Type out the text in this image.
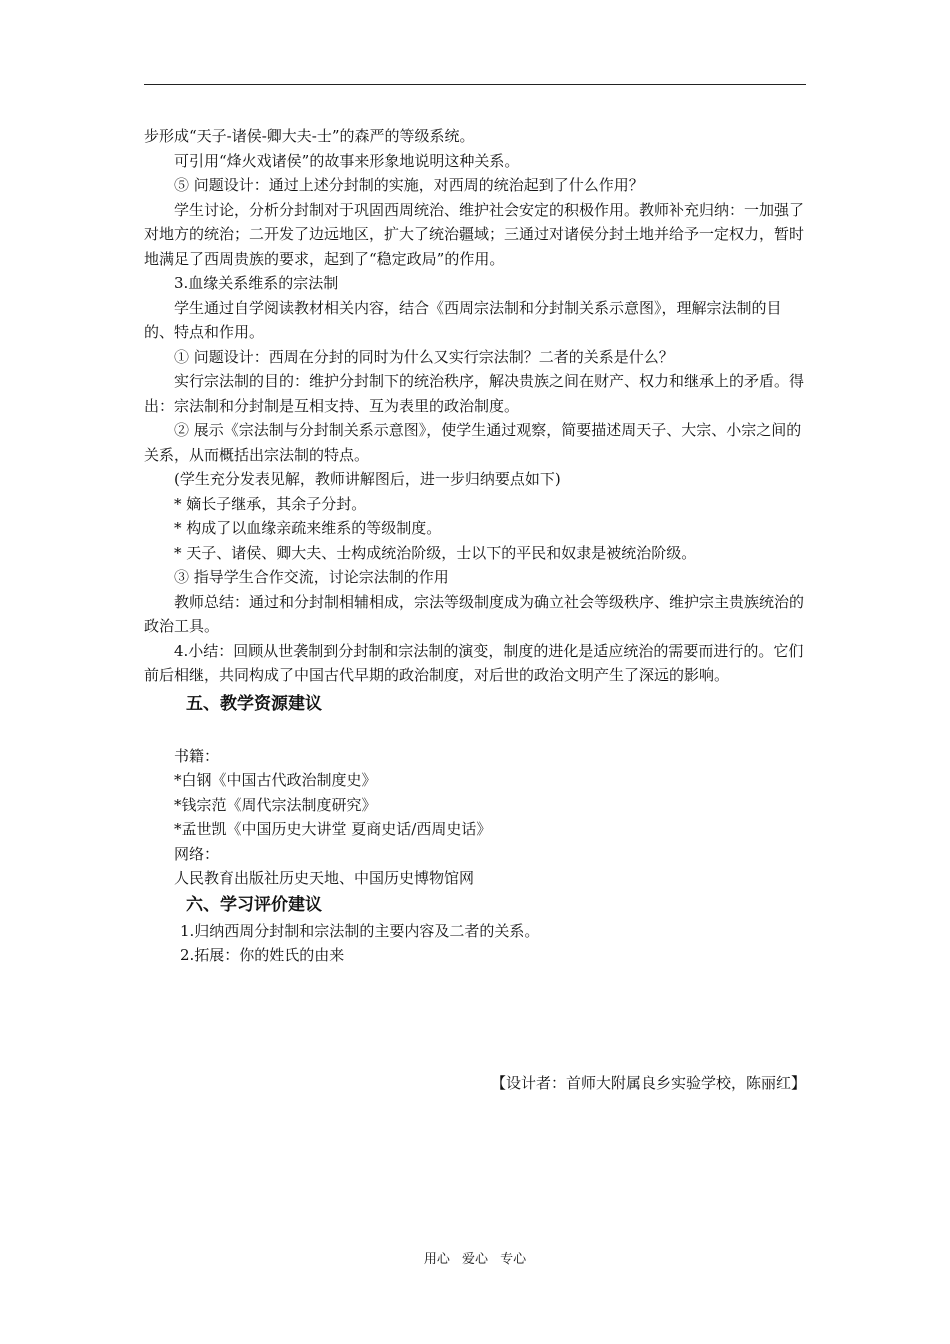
步形成“天子-诸侯-卿大夫-士”的森严的等级系统。

可引用“烽火戏诸侯”的故事来形象地说明这种关系。

⑤ 问题设计：通过上述分封制的实施，对西周的统治起到了什么作用？

学生讨论，分析分封制对于巩固西周统治、维护社会安定的积极作用。教师补充归纳：一加强了对地方的统治；二开发了边远地区，扩大了统治疆域；三通过对诸侯分封土地并给予一定权力，暂时地满足了西周贵族的要求，起到了“稳定政局”的作用。

3.血缘关系维系的宗法制

学生通过自学阅读教材相关内容，结合《西周宗法制和分封制关系示意图》，理解宗法制的目的、特点和作用。

① 问题设计：西周在分封的同时为什么又实行宗法制？二者的关系是什么？

实行宗法制的目的：维护分封制下的统治秩序，解决贵族之间在财产、权力和继承上的矛盾。得出：宗法制和分封制是互相支持、互为表里的政治制度。

② 展示《宗法制与分封制关系示意图》，使学生通过观察，简要描述周天子、大宗、小宗之间的关系，从而概括出宗法制的特点。

(学生充分发表见解，教师讲解图后，进一步归纳要点如下)

* 嫡长子继承，其余子分封。

* 构成了以血缘亲疏来维系的等级制度。

* 天子、诸侯、卿大夫、士构成统治阶级，士以下的平民和奴隶是被统治阶级。

③ 指导学生合作交流，讨论宗法制的作用

教师总结：通过和分封制相辅相成，宗法等级制度成为确立社会等级秩序、维护宗主贵族统治的政治工具。

4.小结：回顾从世袭制到分封制和宗法制的演变，制度的进化是适应统治的需要而进行的。它们前后相继，共同构成了中国古代早期的政治制度，对后世的政治文明产生了深远的影响。

五、教学资源建议

书籍：

*白钢《中国古代政治制度史》

*钱宗范《周代宗法制度研究》

*孟世凯《中国历史大讲堂 夏商史话/西周史话》

网络：

人民教育出版社历史天地、中国历史博物馆网

六、学习评价建议

1.归纳西周分封制和宗法制的主要内容及二者的关系。

2.拓展：你的姓氏的由来

【设计者：首师大附属良乡实验学校，陈丽红】
用心 爱心 专心
